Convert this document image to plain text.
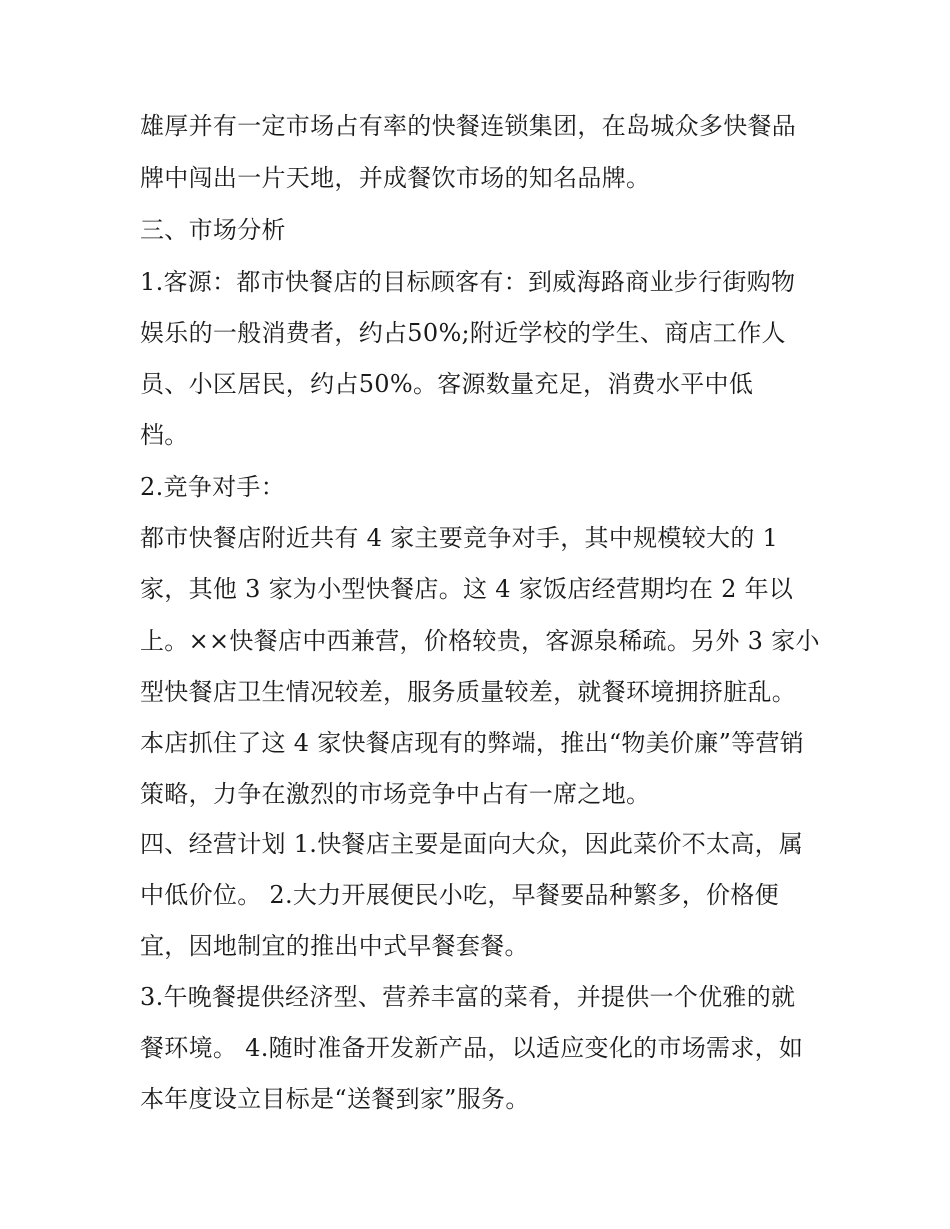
雄厚并有一定市场占有率的快餐连锁集团，在岛城众多快餐品
牌中闯出一片天地，并成餐饮市场的知名品牌。
三、市场分析
1.客源：都市快餐店的目标顾客有：到威海路商业步行街购物
娱乐的一般消费者，约占50%;附近学校的学生、商店工作人
员、小区居民，约占50%。客源数量充足，消费水平中低
档。
2.竞争对手：
都市快餐店附近共有 4 家主要竞争对手，其中规模较大的 1
家，其他 3 家为小型快餐店。这 4 家饭店经营期均在 2 年以
上。××快餐店中西兼营，价格较贵，客源泉稀疏。另外 3 家小
型快餐店卫生情况较差，服务质量较差，就餐环境拥挤脏乱。
本店抓住了这 4 家快餐店现有的弊端，推出“物美价廉”等营销
策略，力争在激烈的市场竞争中占有一席之地。
四、经营计划 1.快餐店主要是面向大众，因此菜价不太高，属
中低价位。 2.大力开展便民小吃，早餐要品种繁多，价格便
宜，因地制宜的推出中式早餐套餐。
3.午晚餐提供经济型、营养丰富的菜肴，并提供一个优雅的就
餐环境。 4.随时准备开发新产品，以适应变化的市场需求，如
本年度设立目标是“送餐到家”服务。
